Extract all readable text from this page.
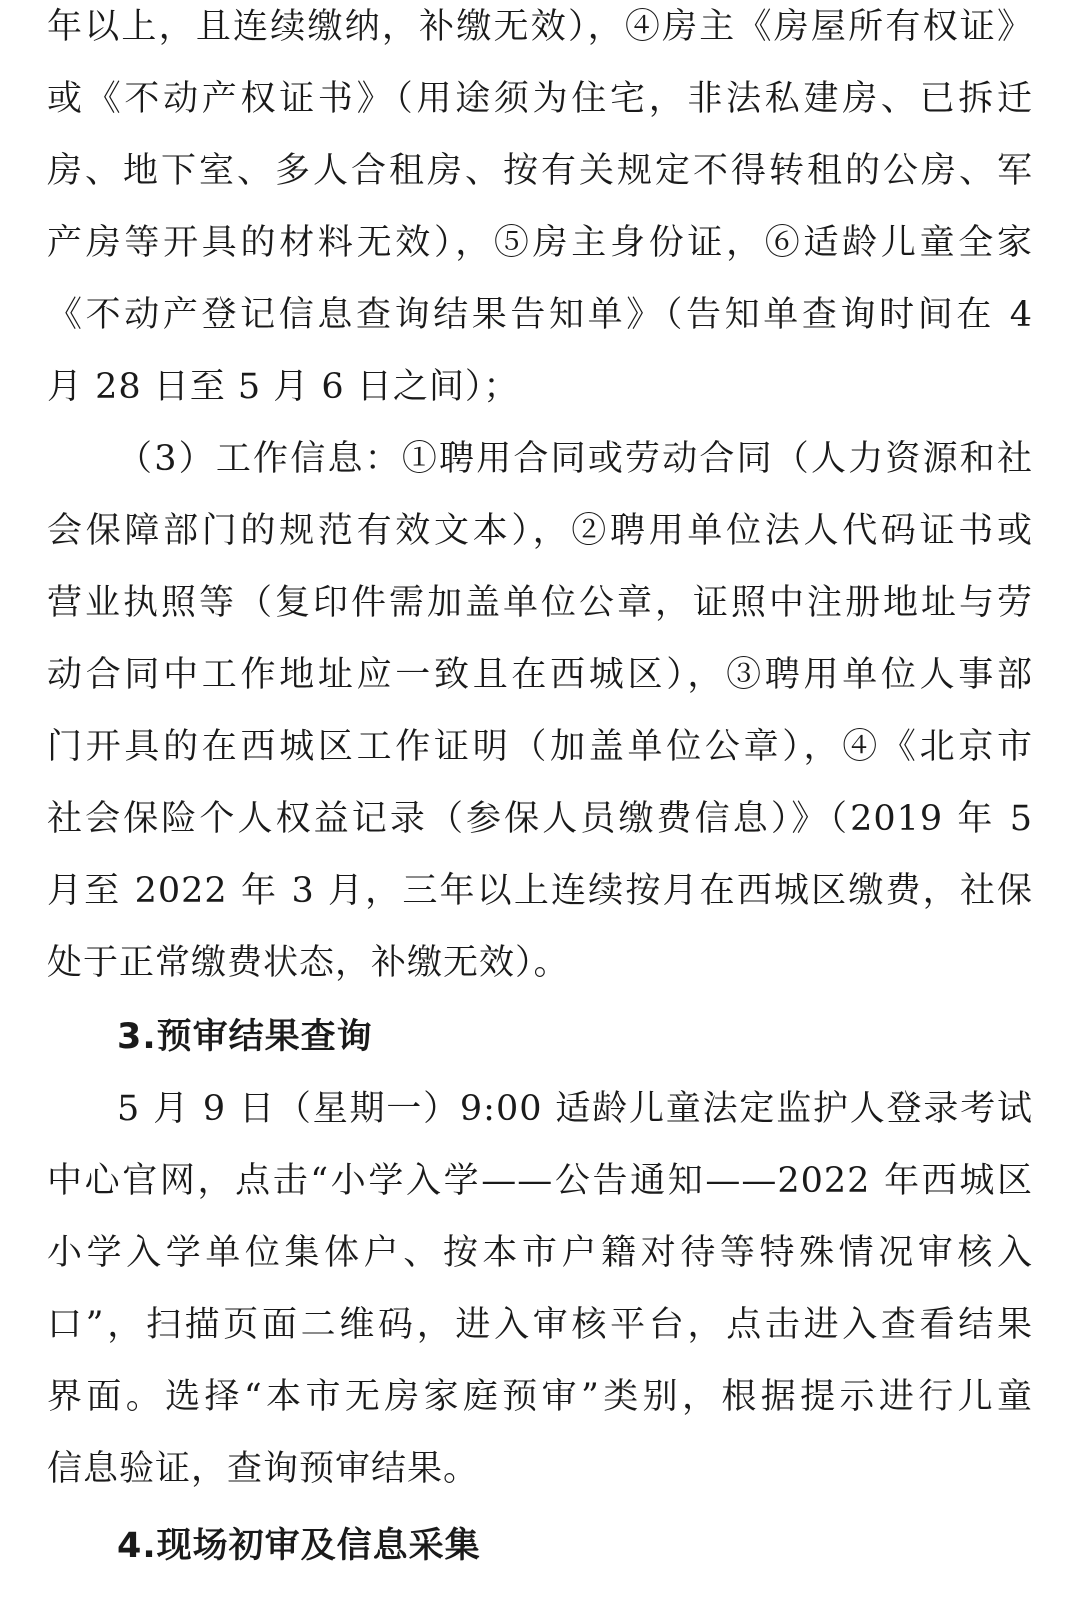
年以上，且连续缴纳，补缴无效），④房主《房屋所有权证》
或《不动产权证书》（用途须为住宅，非法私建房、已拆迁
房、地下室、多人合租房、按有关规定不得转租的公房、军
产房等开具的材料无效），⑤房主身份证，⑥适龄儿童全家
《不动产登记信息查询结果告知单》（告知单查询时间在 4
月 28 日至 5 月 6 日之间）；
（3）工作信息：①聘用合同或劳动合同（人力资源和社
会保障部门的规范有效文本），②聘用单位法人代码证书或
营业执照等（复印件需加盖单位公章，证照中注册地址与劳
动合同中工作地址应一致且在西城区），③聘用单位人事部
门开具的在西城区工作证明（加盖单位公章），④《北京市
社会保险个人权益记录（参保人员缴费信息）》（2019 年 5
月至 2022 年 3 月，三年以上连续按月在西城区缴费，社保
处于正常缴费状态，补缴无效）。
3.预审结果查询
5 月 9 日（星期一）9:00 适龄儿童法定监护人登录考试
中心官网，点击“小学入学——公告通知——2022 年西城区
小学入学单位集体户、按本市户籍对待等特殊情况审核入
口”，扫描页面二维码，进入审核平台，点击进入查看结果
界面。选择“本市无房家庭预审”类别，根据提示进行儿童
信息验证，查询预审结果。
4.现场初审及信息采集
